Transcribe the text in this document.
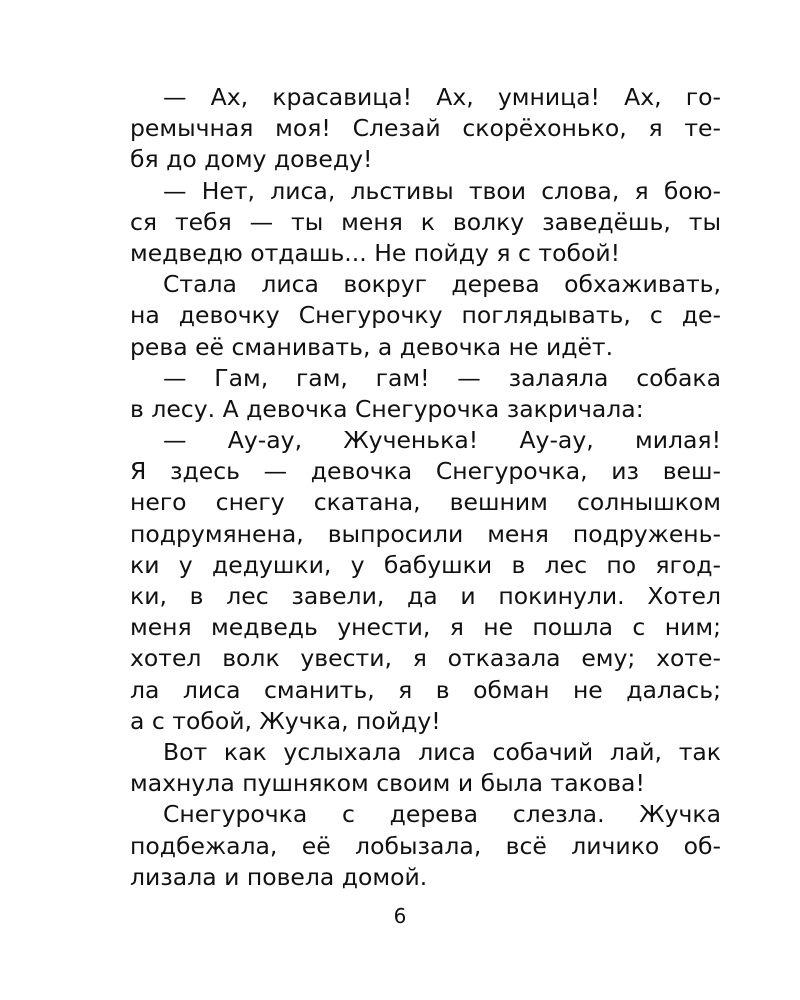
— Ах, красавица! Ах, умница! Ах, го-
ремычная моя! Слезай скорёхонько, я те-
бя до дому доведу!
— Нет, лиса, льстивы твои слова, я бою-
ся тебя — ты меня к волку заведёшь, ты
медведю отдашь... Не пойду я с тобой!
Стала лиса вокруг дерева обхаживать,
на девочку Снегурочку поглядывать, с де-
рева её сманивать, а девочка не идёт.
— Гам, гам, гам! — залаяла собака
в лесу. А девочка Снегурочка закричала:
— Ау-ау, Жученька! Ау-ау, милая!
Я здесь — девочка Снегурочка, из веш-
него снегу скатана, вешним солнышком
подрумянена, выпросили меня подружень-
ки у дедушки, у бабушки в лес по ягод-
ки, в лес завели, да и покинули. Хотел
меня медведь унести, я не пошла с ним;
хотел волк увести, я отказала ему; хоте-
ла лиса сманить, я в обман не далась;
а с тобой, Жучка, пойду!
Вот как услыхала лиса собачий лай, так
махнула пушняком своим и была такова!
Снегурочка с дерева слезла. Жучка
подбежала, её лобызала, всё личико об-
лизала и повела домой.
6
